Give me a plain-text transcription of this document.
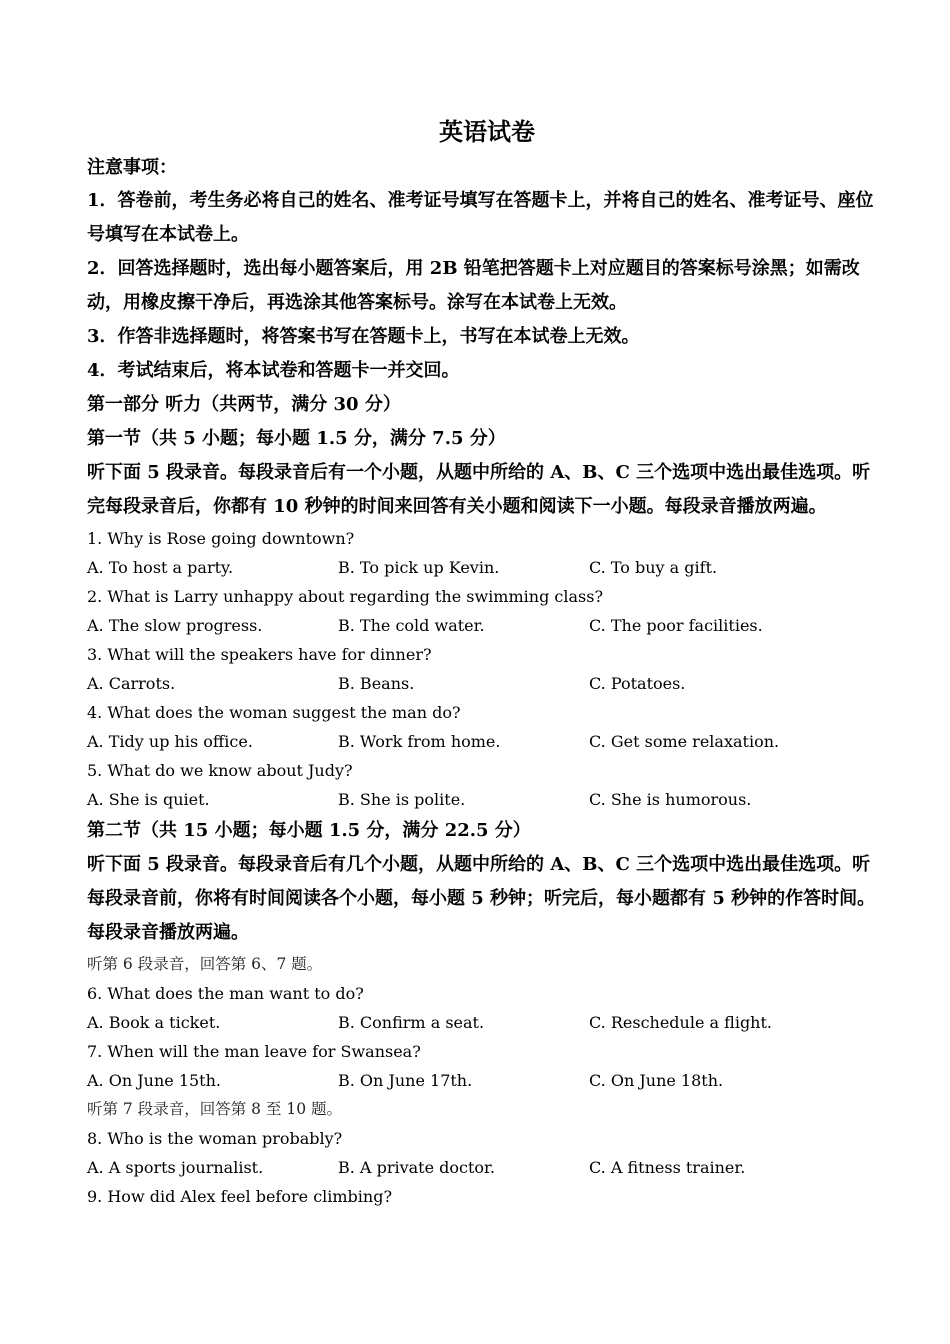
英语试卷
注意事项：
1．答卷前，考生务必将自己的姓名、准考证号填写在答题卡上，并将自己的姓名、准考证号、座位号填写在本试卷上。
2．回答选择题时，选出每小题答案后，用 2B 铅笔把答题卡上对应题目的答案标号涂黑；如需改动，用橡皮擦干净后，再选涂其他答案标号。涂写在本试卷上无效。
3．作答非选择题时，将答案书写在答题卡上，书写在本试卷上无效。
4．考试结束后，将本试卷和答题卡一并交回。
第一部分 听力（共两节，满分 30 分）
第一节（共 5 小题；每小题 1.5 分，满分 7.5 分）
听下面 5 段录音。每段录音后有一个小题，从题中所给的 A、B、C 三个选项中选出最佳选项。听完每段录音后，你都有 10 秒钟的时间来回答有关小题和阅读下一小题。每段录音播放两遍。
1. Why is Rose going downtown?
A. To host a party.	B. To pick up Kevin.	C. To buy a gift.
2. What is Larry unhappy about regarding the swimming class?
A. The slow progress.	B. The cold water.	C. The poor facilities.
3. What will the speakers have for dinner?
A. Carrots.	B. Beans.	C. Potatoes.
4. What does the woman suggest the man do?
A. Tidy up his office.	B. Work from home.	C. Get some relaxation.
5. What do we know about Judy?
A. She is quiet.	B. She is polite.	C. She is humorous.
第二节（共 15 小题；每小题 1.5 分，满分 22.5 分）
听下面 5 段录音。每段录音后有几个小题，从题中所给的 A、B、C 三个选项中选出最佳选项。听每段录音前，你将有时间阅读各个小题，每小题 5 秒钟；听完后，每小题都有 5 秒钟的作答时间。每段录音播放两遍。
听第 6 段录音，回答第 6、7 题。
6. What does the man want to do?
A. Book a ticket.	B. Confirm a seat.	C. Reschedule a flight.
7. When will the man leave for Swansea?
A. On June 15th.	B. On June 17th.	C. On June 18th.
听第 7 段录音，回答第 8 至 10 题。
8. Who is the woman probably?
A. A sports journalist.	B. A private doctor.	C. A fitness trainer.
9. How did Alex feel before climbing?
